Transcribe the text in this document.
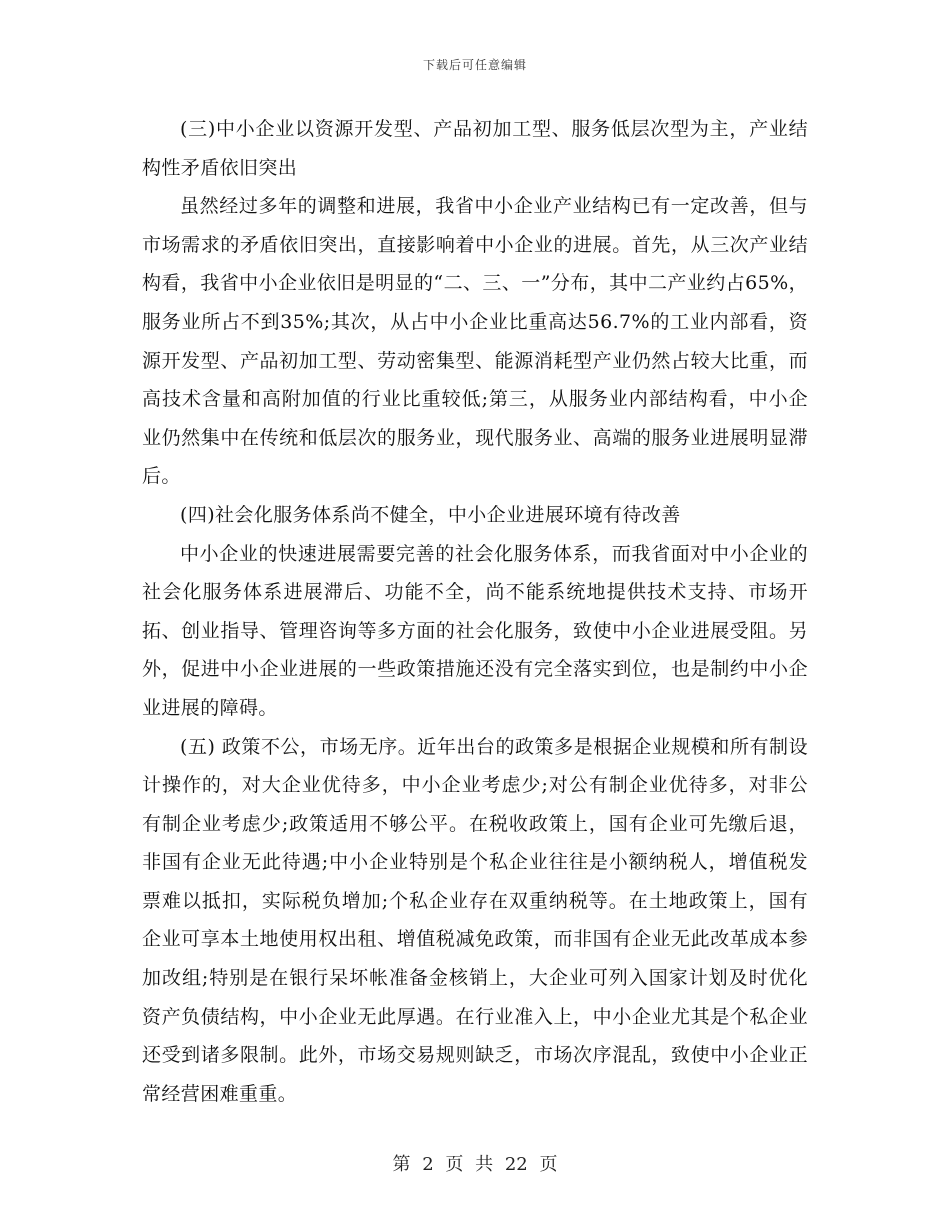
下载后可任意编辑

(三)中小企业以资源开发型、产品初加工型、服务低层次型为主，产业结构性矛盾依旧突出

虽然经过多年的调整和进展，我省中小企业产业结构已有一定改善，但与市场需求的矛盾依旧突出，直接影响着中小企业的进展。首先，从三次产业结构看，我省中小企业依旧是明显的“二、三、一”分布，其中二产业约占65%，服务业所占不到35%;其次，从占中小企业比重高达56.7%的工业内部看，资源开发型、产品初加工型、劳动密集型、能源消耗型产业仍然占较大比重，而高技术含量和高附加值的行业比重较低;第三，从服务业内部结构看，中小企业仍然集中在传统和低层次的服务业，现代服务业、高端的服务业进展明显滞后。

(四)社会化服务体系尚不健全，中小企业进展环境有待改善

中小企业的快速进展需要完善的社会化服务体系，而我省面对中小企业的社会化服务体系进展滞后、功能不全，尚不能系统地提供技术支持、市场开拓、创业指导、管理咨询等多方面的社会化服务，致使中小企业进展受阻。另外，促进中小企业进展的一些政策措施还没有完全落实到位，也是制约中小企业进展的障碍。

(五) 政策不公，市场无序。近年出台的政策多是根据企业规模和所有制设计操作的，对大企业优待多，中小企业考虑少;对公有制企业优待多，对非公有制企业考虑少;政策适用不够公平。在税收政策上，国有企业可先缴后退，非国有企业无此待遇;中小企业特别是个私企业往往是小额纳税人，增值税发票难以抵扣，实际税负增加;个私企业存在双重纳税等。在土地政策上，国有企业可享本土地使用权出租、增值税减免政策，而非国有企业无此改革成本参加改组;特别是在银行呆坏帐准备金核销上，大企业可列入国家计划及时优化资产负债结构，中小企业无此厚遇。在行业准入上，中小企业尤其是个私企业还受到诸多限制。此外，市场交易规则缺乏，市场次序混乱，致使中小企业正常经营困难重重。

第 2 页 共 22 页
